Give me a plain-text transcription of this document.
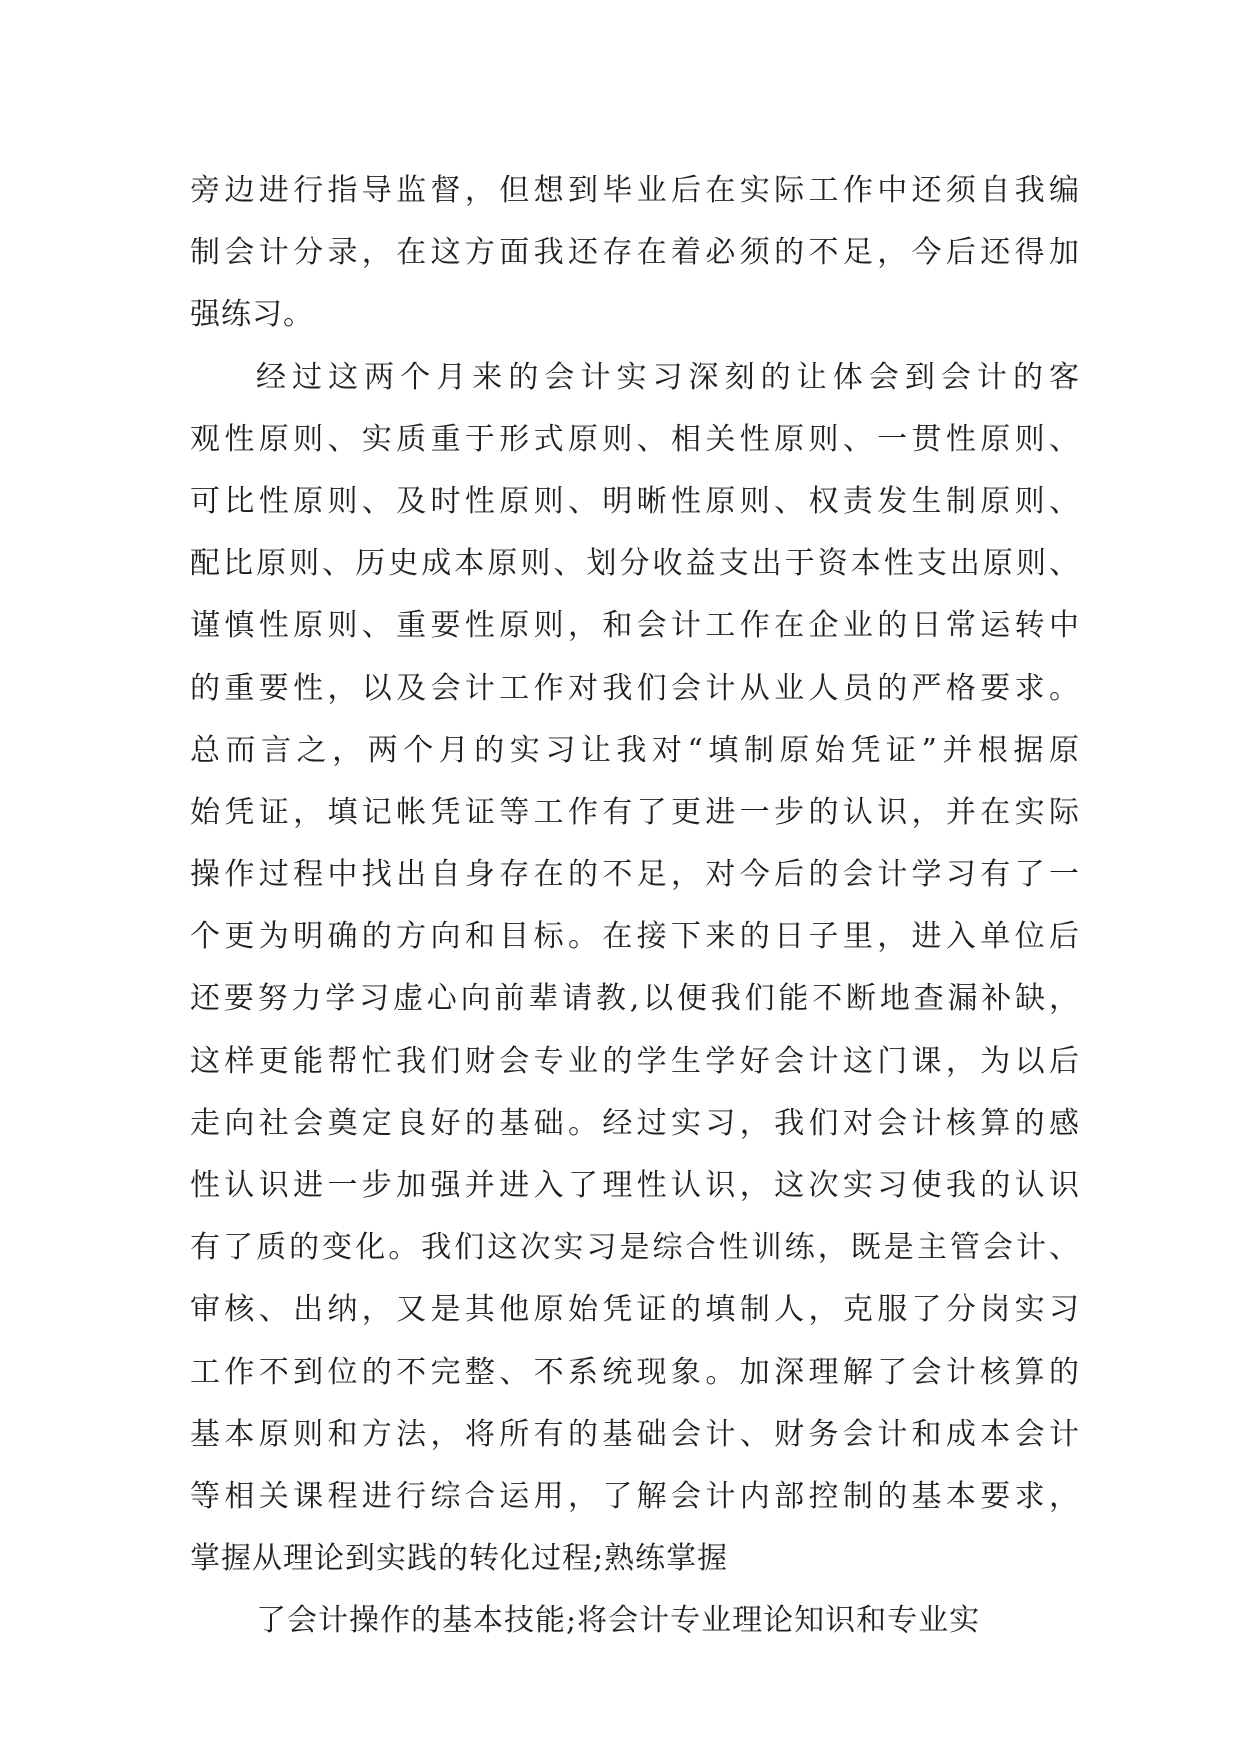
旁边进行指导监督，但想到毕业后在实际工作中还须自我编
制会计分录，在这方面我还存在着必须的不足，今后还得加
强练习。
经过这两个月来的会计实习深刻的让体会到会计的客
观性原则、实质重于形式原则、相关性原则、一贯性原则、
可比性原则、及时性原则、明晰性原则、权责发生制原则、
配比原则、历史成本原则、划分收益支出于资本性支出原则、
谨慎性原则、重要性原则，和会计工作在企业的日常运转中
的重要性，以及会计工作对我们会计从业人员的严格要求。
总而言之，两个月的实习让我对“填制原始凭证”并根据原
始凭证，填记帐凭证等工作有了更进一步的认识，并在实际
操作过程中找出自身存在的不足，对今后的会计学习有了一
个更为明确的方向和目标。在接下来的日子里，进入单位后
还要努力学习虚心向前辈请教,以便我们能不断地查漏补缺，
这样更能帮忙我们财会专业的学生学好会计这门课，为以后
走向社会奠定良好的基础。经过实习，我们对会计核算的感
性认识进一步加强并进入了理性认识，这次实习使我的认识
有了质的变化。我们这次实习是综合性训练，既是主管会计、
审核、出纳，又是其他原始凭证的填制人，克服了分岗实习
工作不到位的不完整、不系统现象。加深理解了会计核算的
基本原则和方法，将所有的基础会计、财务会计和成本会计
等相关课程进行综合运用，了解会计内部控制的基本要求，
掌握从理论到实践的转化过程;熟练掌握
了会计操作的基本技能;将会计专业理论知识和专业实
